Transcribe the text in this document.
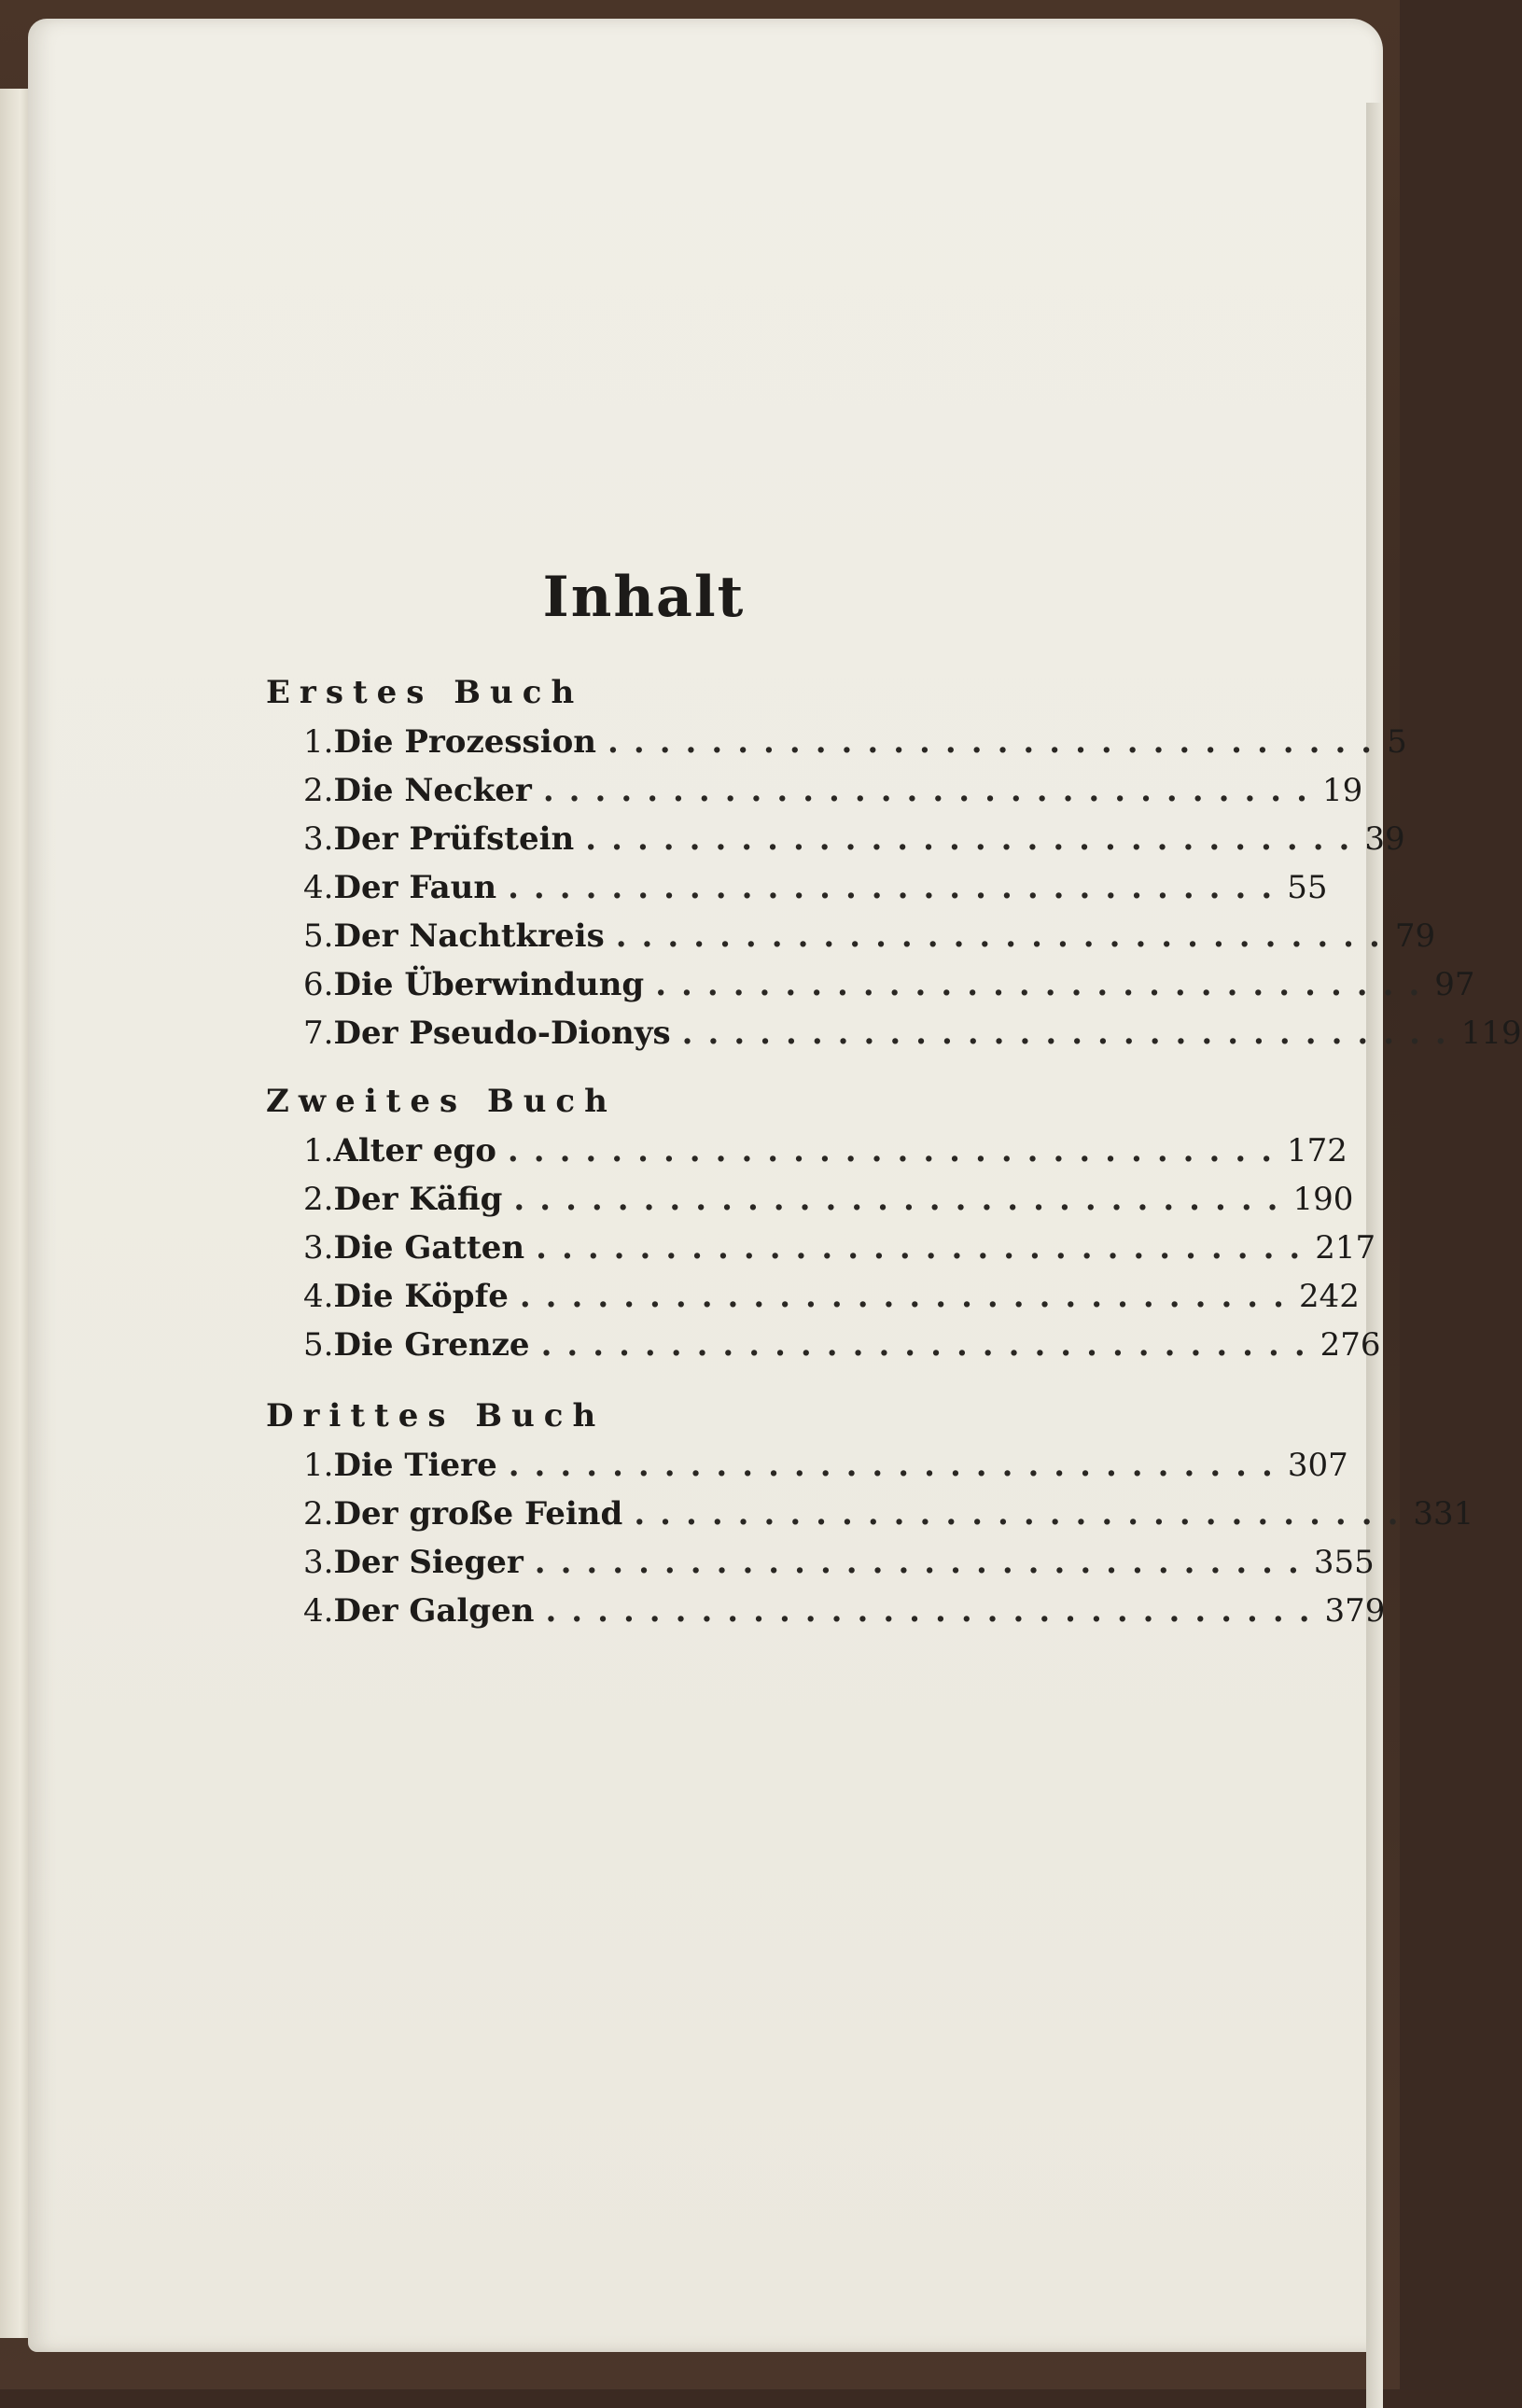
Inhalt
Erstes Buch
1. Die Prozession .............................. 5
2. Die Necker .............................. 19
3. Der Prüfstein .............................. 39
4. Der Faun .............................. 55
5. Der Nachtkreis .............................. 79
6. Die Überwindung .............................. 97
7. Der Pseudo-Dionys .............................. 119
Zweites Buch
1. Alter ego .............................. 172
2. Der Käfig .............................. 190
3. Die Gatten .............................. 217
4. Die Köpfe .............................. 242
5. Die Grenze .............................. 276
Drittes Buch
1. Die Tiere .............................. 307
2. Der große Feind .............................. 331
3. Der Sieger .............................. 355
4. Der Galgen .............................. 379
